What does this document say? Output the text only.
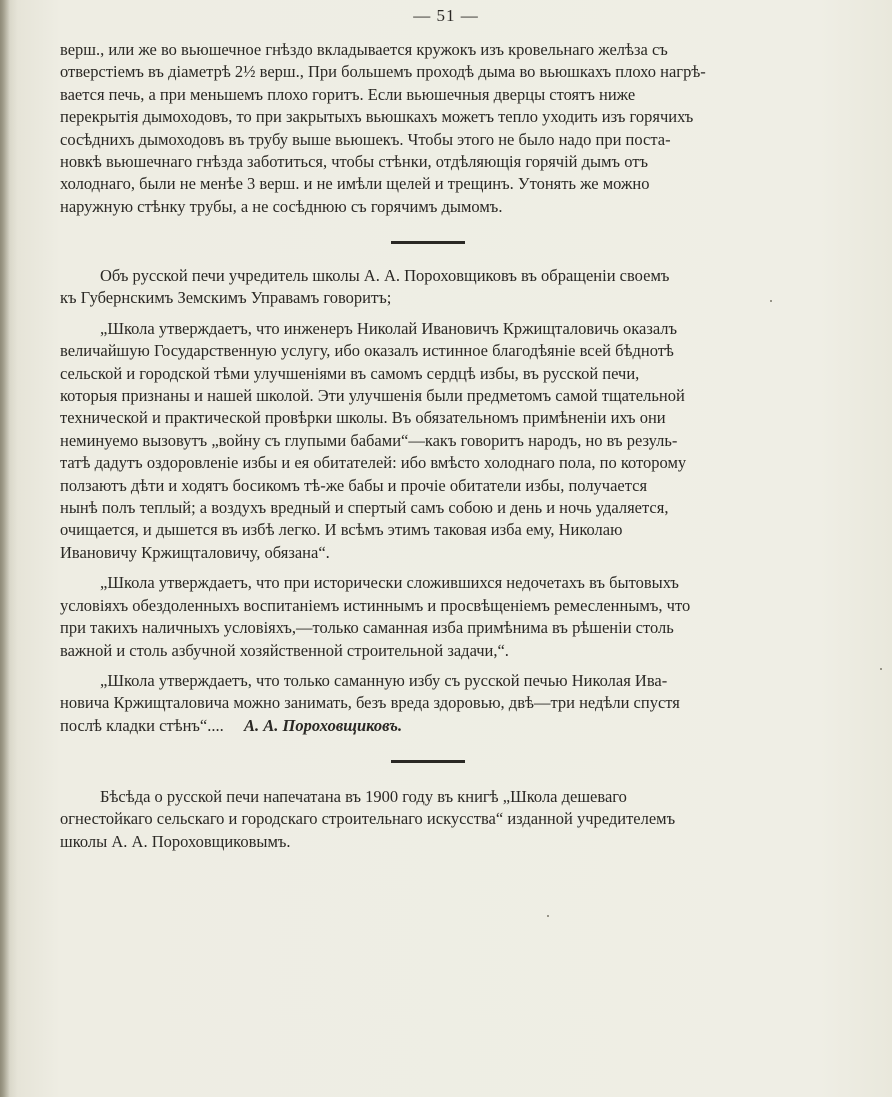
— 51 —

верш., или же во вьюшечное гнѣздо вкладывается кружокъ изъ кровельнаго желѣза съ

отверстіемъ въ діаметрѣ 2½ верш., При большемъ проходѣ дыма во вьюшкахъ плохо нагрѣ-

вается печь, а при меньшемъ плохо горитъ. Если вьюшечныя дверцы стоятъ ниже

перекрытія дымоходовъ, то при закрытыхъ вьюшкахъ можетъ тепло уходить изъ горячихъ

сосѣднихъ дымоходовъ въ трубу выше вьюшекъ. Чтобы этого не было надо при поста-

новкѣ вьюшечнаго гнѣзда заботиться, чтобы стѣнки, отдѣляющія горячій дымъ отъ

холоднаго, были не менѣе 3 верш. и не имѣли щелей и трещинъ. Утонять же можно

наружную стѣнку трубы, а не сосѣднюю съ горячимъ дымомъ.

Объ русской печи учредитель школы А. А. Пороховщиковъ въ обращеніи своемъ

къ Губернскимъ Земскимъ Управамъ говоритъ;

„Школа утверждаетъ, что инженеръ Николай Ивановичъ Кржищталовичь оказалъ

величайшую Государственную услугу, ибо оказалъ истинное благодѣяніе всей бѣднотѣ

сельской и городской тѣми улучшеніями въ самомъ сердцѣ избы, въ русской печи,

которыя признаны и нашей школой. Эти улучшенія были предметомъ самой тщательной

технической и практической провѣрки школы. Въ обязательномъ примѣненіи ихъ они

неминуемо вызовутъ „войну съ глупыми бабами“—какъ говоритъ народъ, но въ резуль-

татѣ дадутъ оздоровленіе избы и ея обитателей: ибо вмѣсто холоднаго пола, по которому

ползаютъ дѣти и ходятъ босикомъ тѣ-же бабы и прочіе обитатели избы, получается

нынѣ полъ теплый; а воздухъ вредный и спертый самъ собою и день и ночь удаляется,

очищается, и дышется въ избѣ легко. И всѣмъ этимъ таковая изба ему, Николаю

Ивановичу Кржищталовичу, обязана“.

„Школа утверждаетъ, что при исторически сложившихся недочетахъ въ бытовыхъ

условіяхъ обездоленныхъ воспитаніемъ истиннымъ и просвѣщеніемъ ремесленнымъ, что

при такихъ наличныхъ условіяхъ,—только саманная изба примѣнима въ рѣшеніи столь

важной и столь азбучной хозяйственной строительной задачи,“.

„Школа утверждаетъ, что только саманную избу съ русской печью Николая Ива-

новича Кржищталовича можно занимать, безъ вреда здоровью, двѣ—три недѣли спустя

послѣ кладки стѣнъ“.... А. А. Пороховщиковъ.

Бѣсѣда о русской печи напечатана въ 1900 году въ книгѣ „Школа дешеваго

огнестойкаго сельскаго и городскаго строительнаго искусства“ изданной учредителемъ

школы А. А. Пороховщиковымъ.
